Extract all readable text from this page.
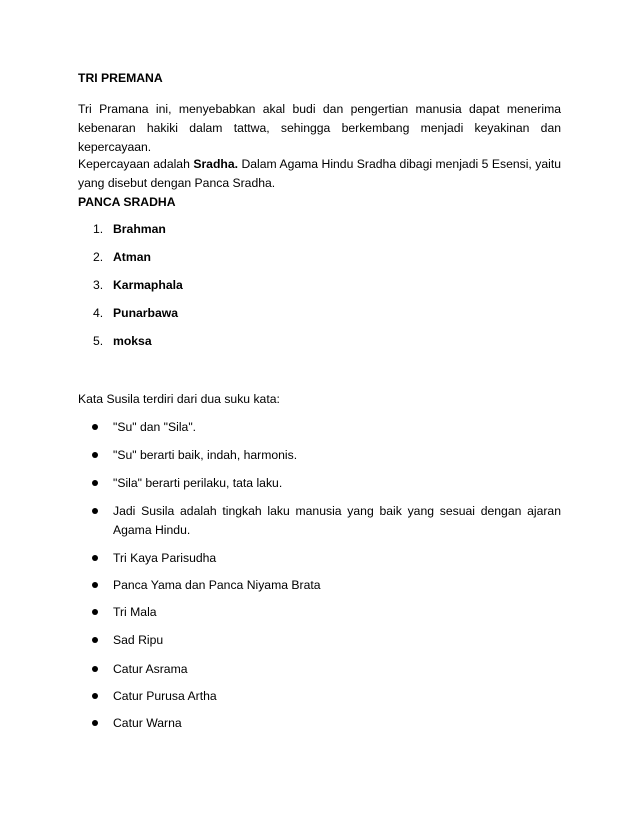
TRI PREMANA

Tri Pramana ini, menyebabkan akal budi dan pengertian manusia dapat menerima kebenaran hakiki dalam tattwa, sehingga berkembang menjadi keyakinan dan kepercayaan.

Kepercayaan adalah Sradha. Dalam Agama Hindu Sradha dibagi menjadi 5 Esensi, yaitu yang disebut dengan Panca Sradha.

PANCA SRADHA

1. Brahman
2. Atman
3. Karmaphala
4. Punarbawa
5. moksa

Kata Susila terdiri dari dua suku kata:

"Su" dan "Sila".
"Su" berarti baik, indah, harmonis.
"Sila" berarti perilaku, tata laku.
Jadi Susila adalah tingkah laku manusia yang baik yang sesuai dengan ajaran Agama Hindu.
Tri Kaya Parisudha
Panca Yama dan Panca Niyama Brata
Tri Mala
Sad Ripu
Catur Asrama
Catur Purusa Artha
Catur Warna
